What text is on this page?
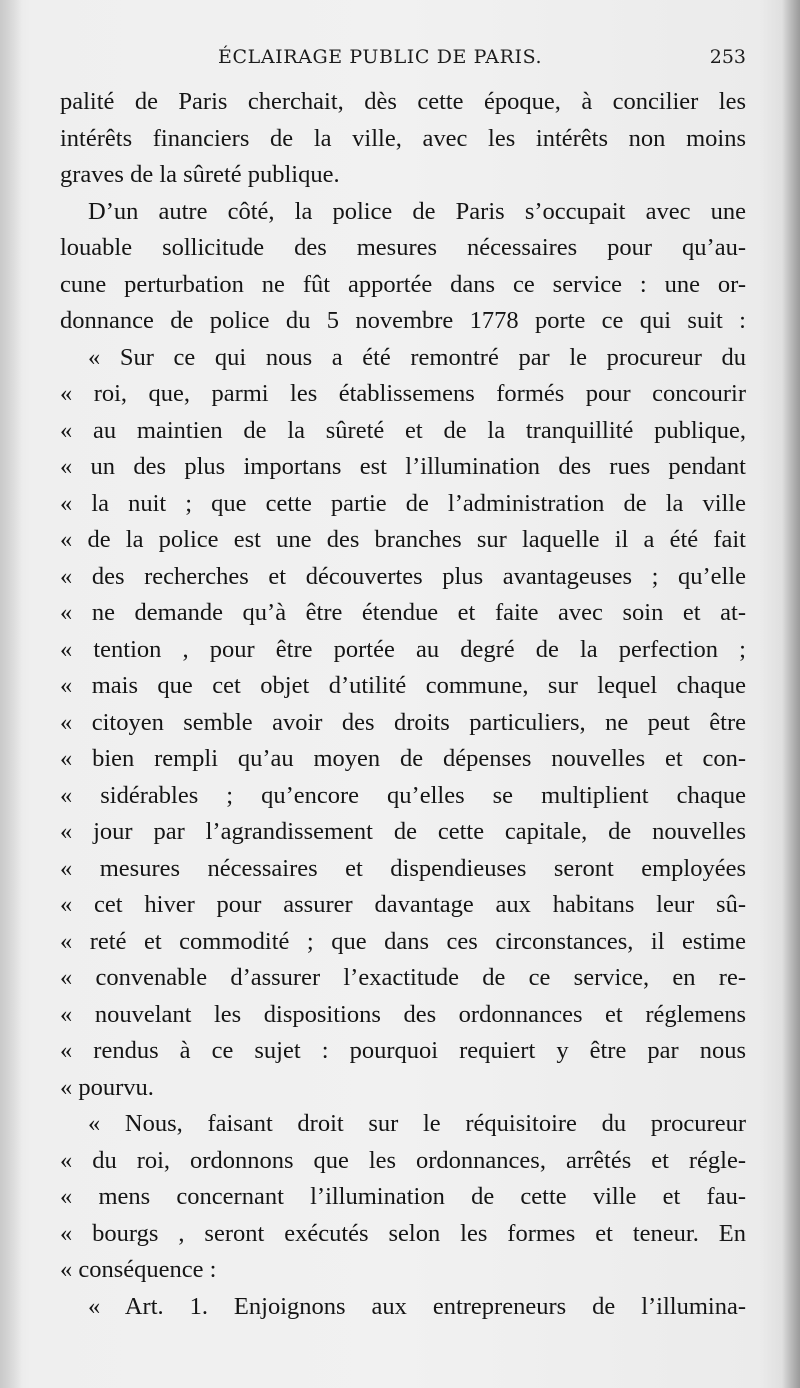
ÉCLAIRAGE PUBLIC DE PARIS.	253
palité de Paris cherchait, dès cette époque, à concilier les
intérêts financiers de la ville, avec les intérêts non moins
graves de la sûreté publique.
D’un autre côté, la police de Paris s’occupait avec une
louable sollicitude des mesures nécessaires pour qu’au-
cune perturbation ne fût apportée dans ce service : une or-
donnance de police du 5 novembre 1778 porte ce qui suit :
« Sur ce qui nous a été remontré par le procureur du
« roi, que, parmi les établissemens formés pour concourir
« au maintien de la sûreté et de la tranquillité publique,
« un des plus importans est l’illumination des rues pendant
« la nuit ; que cette partie de l’administration de la ville
« de la police est une des branches sur laquelle il a été fait
« des recherches et découvertes plus avantageuses ; qu’elle
« ne demande qu’à être étendue et faite avec soin et at-
« tention , pour être portée au degré de la perfection ;
« mais que cet objet d’utilité commune, sur lequel chaque
« citoyen semble avoir des droits particuliers, ne peut être
« bien rempli qu’au moyen de dépenses nouvelles et con-
« sidérables ; qu’encore qu’elles se multiplient chaque
« jour par l’agrandissement de cette capitale, de nouvelles
« mesures nécessaires et dispendieuses seront employées
« cet hiver pour assurer davantage aux habitans leur sû-
« reté et commodité ; que dans ces circonstances, il estime
« convenable d’assurer l’exactitude de ce service, en re-
« nouvelant les dispositions des ordonnances et réglemens
« rendus à ce sujet : pourquoi requiert y être par nous
« pourvu.
« Nous, faisant droit sur le réquisitoire du procureur
« du roi, ordonnons que les ordonnances, arrêtés et régle-
« mens concernant l’illumination de cette ville et fau-
« bourgs , seront exécutés selon les formes et teneur. En
« conséquence :
« Art. 1. Enjoignons aux entrepreneurs de l’illumina-
